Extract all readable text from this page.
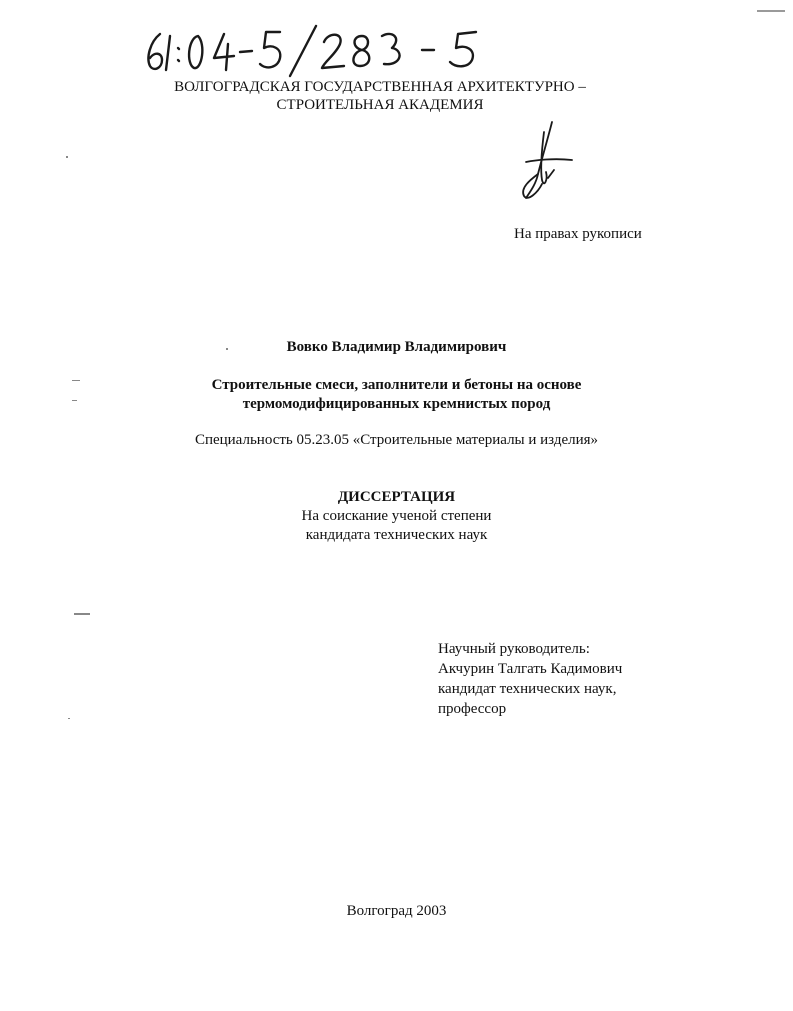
ВОЛГОГРАДСКАЯ ГОСУДАРСТВЕННАЯ АРХИТЕКТУРНО –
СТРОИТЕЛЬНАЯ АКАДЕМИЯ
На правах рукописи
Вовко Владимир Владимирович
Строительные смеси, заполнители и бетоны на основе
термомодифицированных кремнистых пород
Специальность 05.23.05 «Строительные материалы и изделия»
ДИССЕРТАЦИЯ
На соискание ученой степени
кандидата технических наук
Научный руководитель:
Акчурин Талгать Кадимович
кандидат технических наук,
профессор
Волгоград 2003
